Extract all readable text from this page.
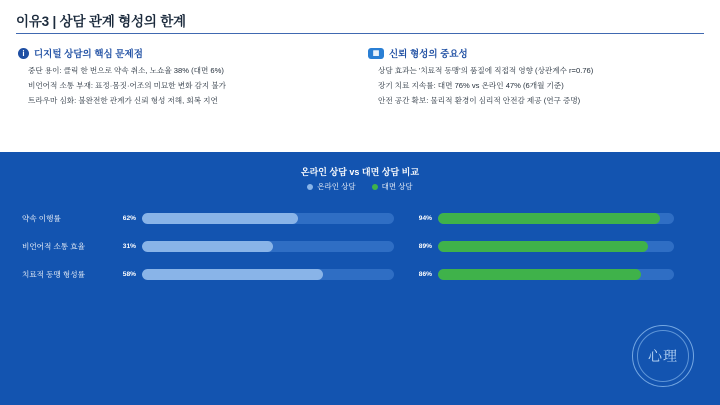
이유3 | 상담 관계 형성의 한계
i 디지털 상담의 핵심 문제점
중단 용이: 클릭 한 번으로 약속 취소, 노쇼율 38% (대면 6%)
비언어적 소통 부재: 표정·몸짓·어조의 미묘한 변화 감지 불가
트라우마 심화: 불완전한 관계가 신뢰 형성 저해, 회복 지연
▦	신뢰 형성의 중요성
상담 효과는 '치료적 동맹'의 품질에 직접적 영향 (상관계수 r=0.76)
장기 치료 지속률: 대면 76% vs 온라인 47% (6개월 기준)
안전 공간 확보: 물리적 환경이 심리적 안전감 제공 (연구 증명)
온라인 상담 vs 대면 상담 비교
온라인 상담	대면 상담
약속 이행률	62%	94%
비언어적 소통 효율	31%	89%
치료적 동맹 형성률	58%	86%
心理
